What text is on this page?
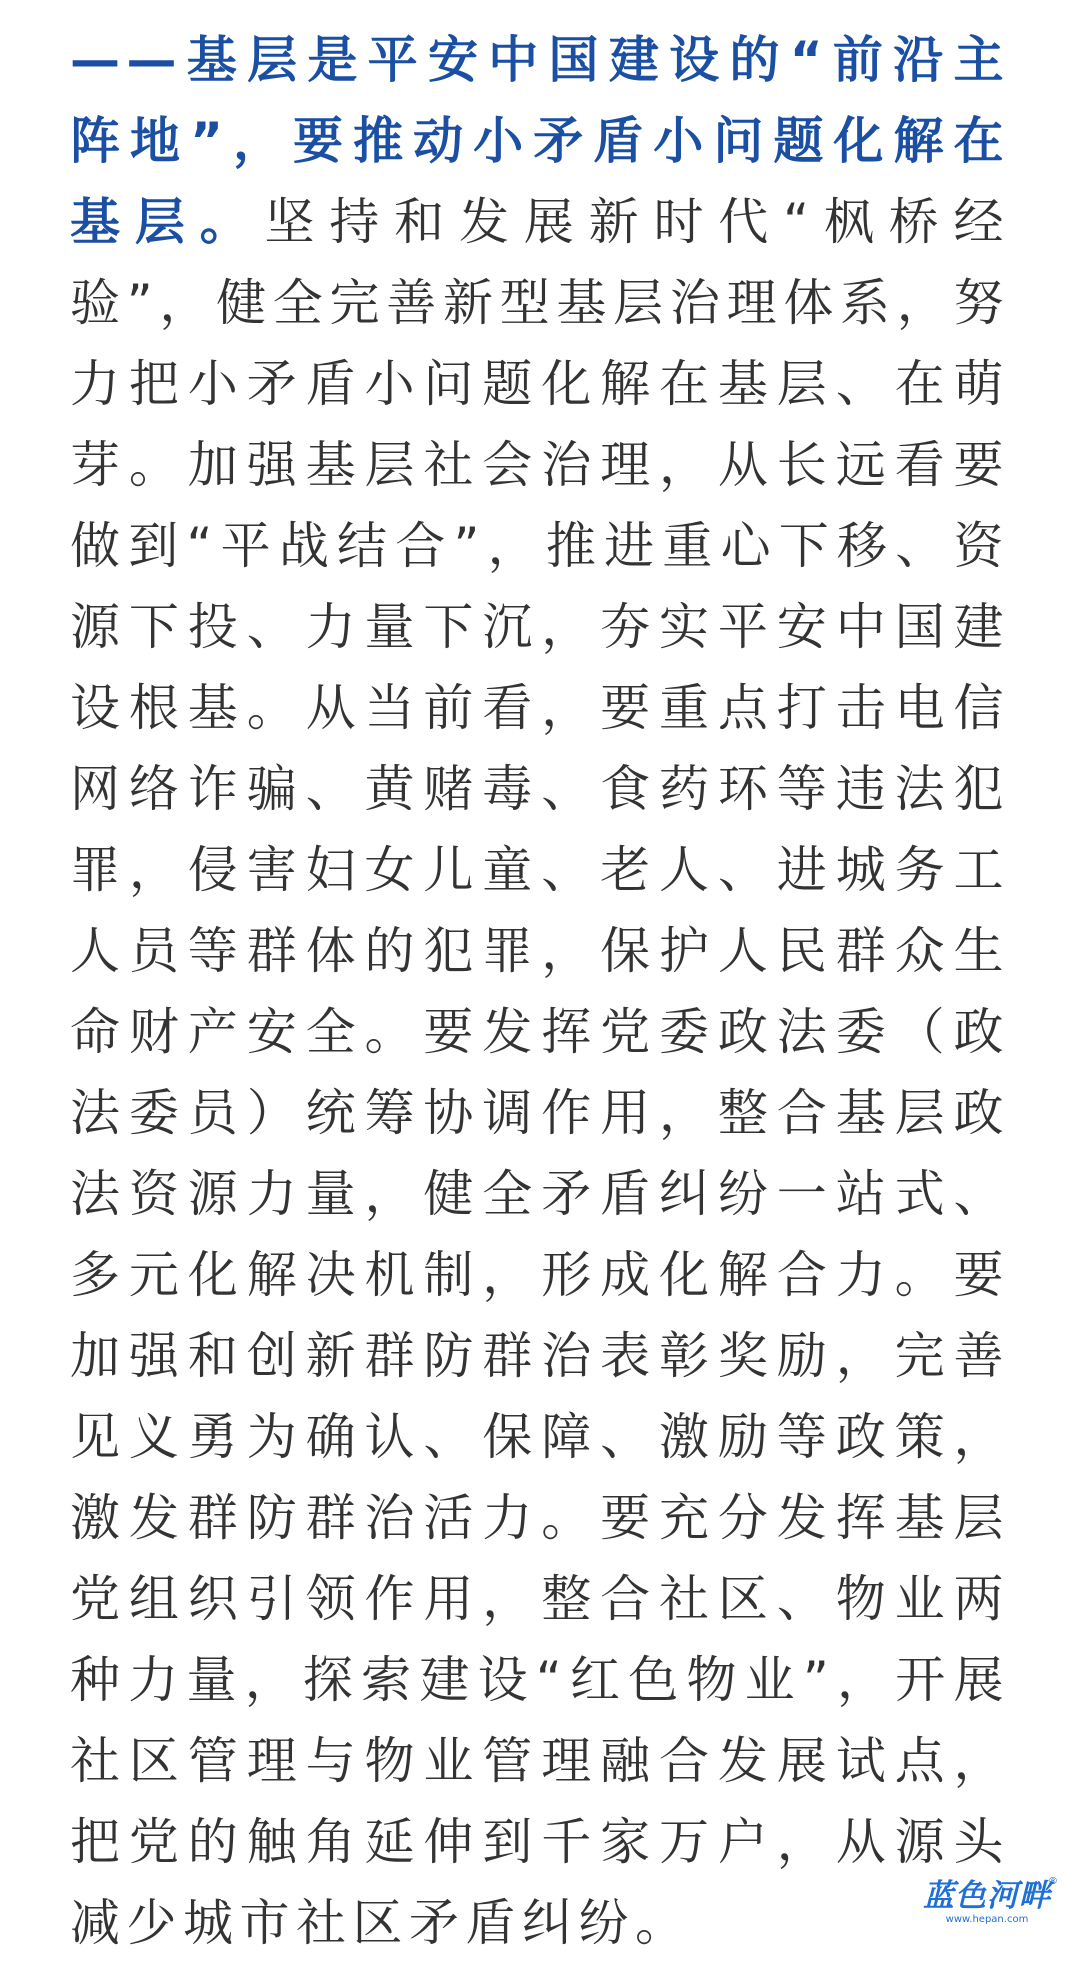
——基层是平安中国建设的“前沿主阵地”，要推动小矛盾小问题化解在基层。坚持和发展新时代“枫桥经验”，健全完善新型基层治理体系，努力把小矛盾小问题化解在基层、在萌芽。加强基层社会治理，从长远看要做到“平战结合”，推进重心下移、资源下投、力量下沉，夯实平安中国建设根基。从当前看，要重点打击电信网络诈骗、黄赌毒、食药环等违法犯罪，侵害妇女儿童、老人、进城务工人员等群体的犯罪，保护人民群众生命财产安全。要发挥党委政法委（政法委员）统筹协调作用，整合基层政法资源力量，健全矛盾纠纷一站式、多元化解决机制，形成化解合力。要加强和创新群防群治表彰奖励，完善见义勇为确认、保障、激励等政策，激发群防群治活力。要充分发挥基层党组织引领作用，整合社区、物业两种力量，探索建设“红色物业”，开展社区管理与物业管理融合发展试点，把党的触角延伸到千家万户，从源头减少城市社区矛盾纠纷。	蓝色河畔
www.hepan.com
®
